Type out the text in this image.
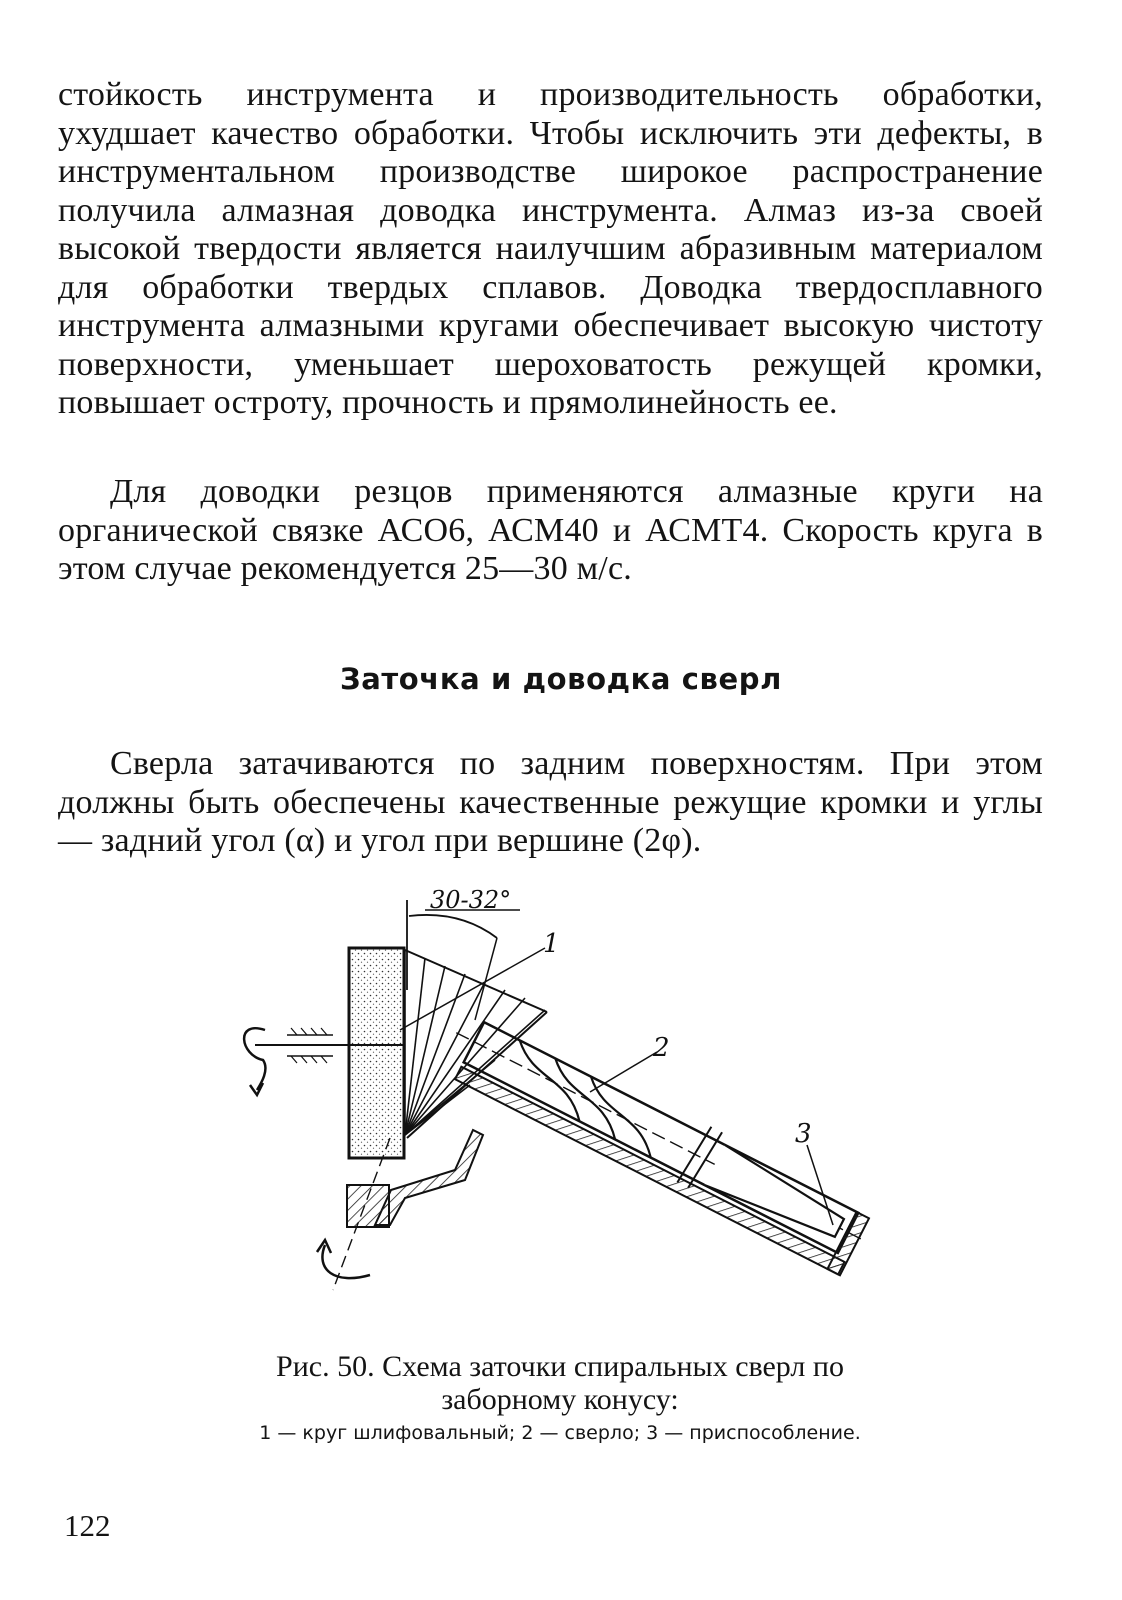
стойкость инструмента и производительность обработки, ухудшает качество обработки. Чтобы исключить эти дефекты, в инструментальном производстве широкое распространение получила алмазная доводка инструмента. Алмаз из-за своей высокой твердости является наилучшим абразивным материалом для обработки твердых сплавов. Доводка твердосплавного инструмента алмазными кругами обеспечивает высокую чистоту поверхности, уменьшает шероховатость режущей кромки, повышает остроту, прочность и прямолинейность ее.

Для доводки резцов применяются алмазные круги на органической связке АСО6, АСМ40 и АСМТ4. Скорость круга в этом случае рекомендуется 25—30 м/с.

Заточка и доводка сверл

Сверла затачиваются по задним поверхностям. При этом должны быть обеспечены качественные режущие кромки и углы — задний угол (α) и угол при вершине (2φ).

30-32°
1
2
3

Рис. 50. Схема заточки спиральных сверл по заборному конусу:

1 — круг шлифовальный; 2 — сверло; 3 — приспособление.

122
